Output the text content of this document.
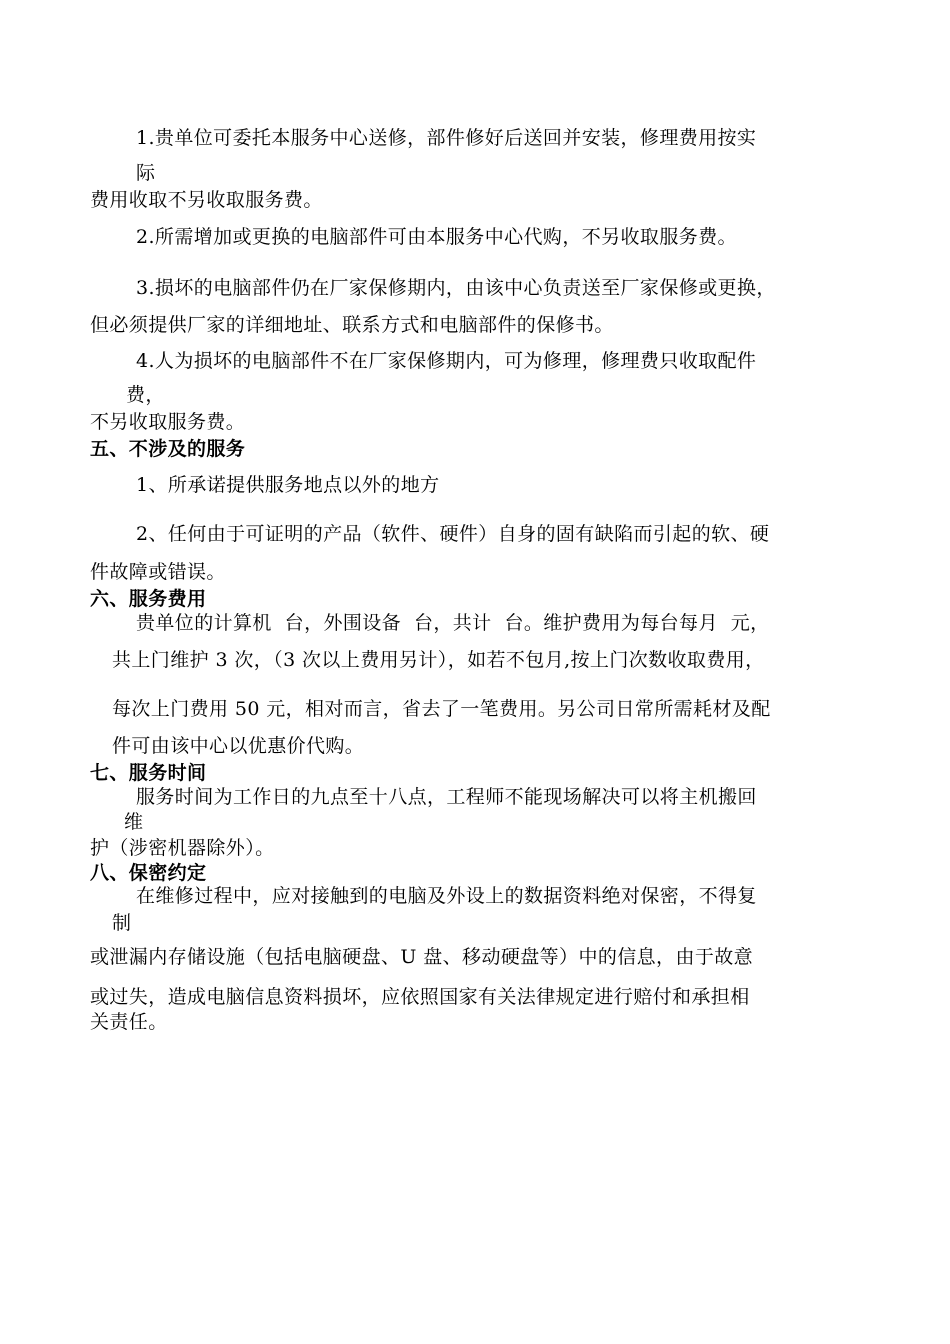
1.贵单位可委托本服务中心送修，部件修好后送回并安装，修理费用按实
际
费用收取不另收取服务费。
2.所需增加或更换的电脑部件可由本服务中心代购，不另收取服务费。
3.损坏的电脑部件仍在厂家保修期内，由该中心负责送至厂家保修或更换，
但必须提供厂家的详细地址、联系方式和电脑部件的保修书。
4.人为损坏的电脑部件不在厂家保修期内，可为修理，修理费只收取配件
费，
不另收取服务费。
五、不涉及的服务
1、所承诺提供服务地点以外的地方
2、任何由于可证明的产品（软件、硬件）自身的固有缺陷而引起的软、硬
件故障或错误。
六、服务费用
贵单位的计算机  台，外围设备  台，共计  台。维护费用为每台每月  元，
共上门维护 3 次，（3 次以上费用另计），如若不包月,按上门次数收取费用，
每次上门费用 50 元，相对而言，省去了一笔费用。另公司日常所需耗材及配
件可由该中心以优惠价代购。
七、服务时间
服务时间为工作日的九点至十八点，工程师不能现场解决可以将主机搬回
维
护（涉密机器除外）。
八、保密约定
在维修过程中，应对接触到的电脑及外设上的数据资料绝对保密，不得复
制
或泄漏内存储设施（包括电脑硬盘、U 盘、移动硬盘等）中的信息，由于故意
或过失，造成电脑信息资料损坏，应依照国家有关法律规定进行赔付和承担相
关责任。
